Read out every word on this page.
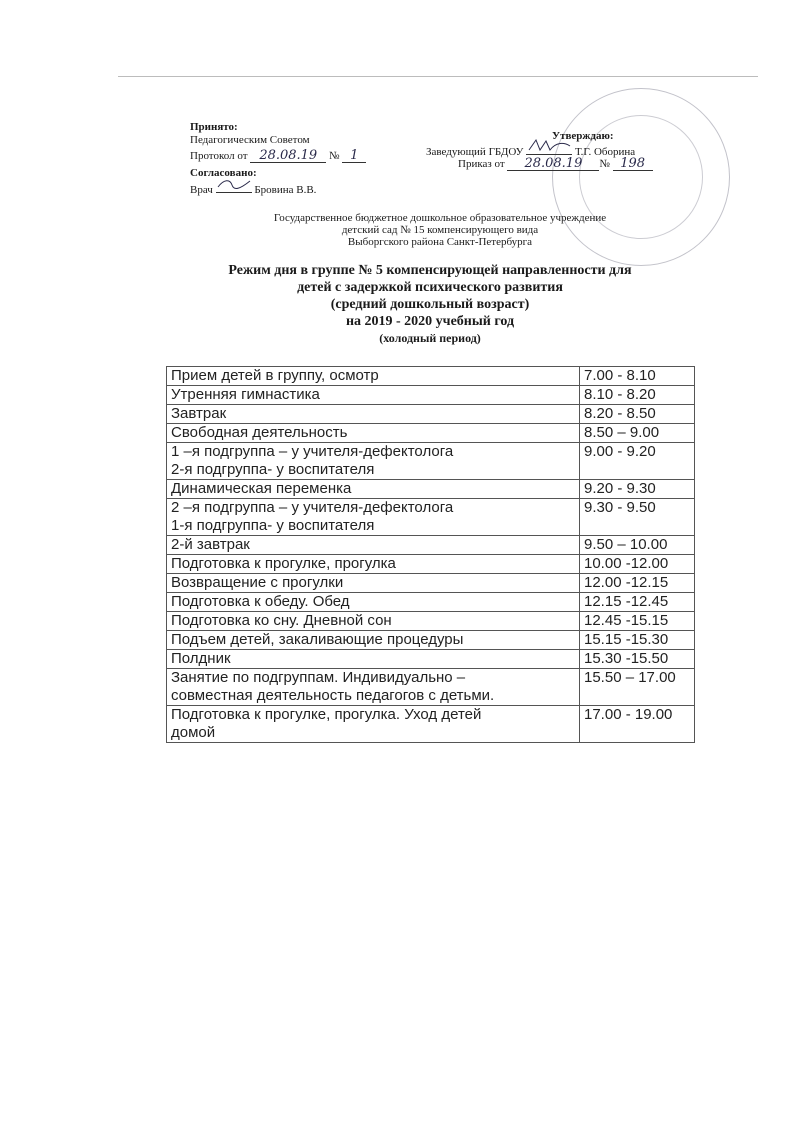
Принято:
Педагогическим Советом
Протокол от 28.08.19 № 1
Согласовано:
Врач	Бровина В.В.
Утверждаю:
Заведующий ГБДОУ	Т.Г. Оборина
Приказ от 28.08.19 № 198
Государственное бюджетное дошкольное образовательное учреждение
детский сад № 15 компенсирующего вида
Выборгского района Санкт-Петербурга
Режим дня в группе № 5 компенсирующей направленности для
детей с задержкой психического развития
(средний дошкольный возраст)
на 2019 - 2020 учебный год
(холодный период)
Прием детей в группу, осмотр	7.00 - 8.10
Утренняя гимнастика	8.10 - 8.20
Завтрак	8.20 - 8.50
Свободная деятельность	8.50 – 9.00
1 –я подгруппа – у учителя-дефектолога
2-я подгруппа- у воспитателя	9.00 - 9.20
Динамическая переменка	9.20 - 9.30
2 –я подгруппа – у учителя-дефектолога
1-я подгруппа- у воспитателя	9.30 - 9.50
2-й завтрак	9.50 – 10.00
Подготовка к прогулке, прогулка	10.00 -12.00
Возвращение с прогулки	12.00 -12.15
Подготовка к обеду. Обед	12.15 -12.45
Подготовка ко сну. Дневной сон	12.45 -15.15
Подъем детей, закаливающие процедуры	15.15 -15.30
Полдник	15.30 -15.50
Занятие по подгруппам. Индивидуально –
совместная деятельность педагогов с детьми.	15.50 – 17.00
Подготовка к прогулке, прогулка. Уход детей
домой	17.00 - 19.00
